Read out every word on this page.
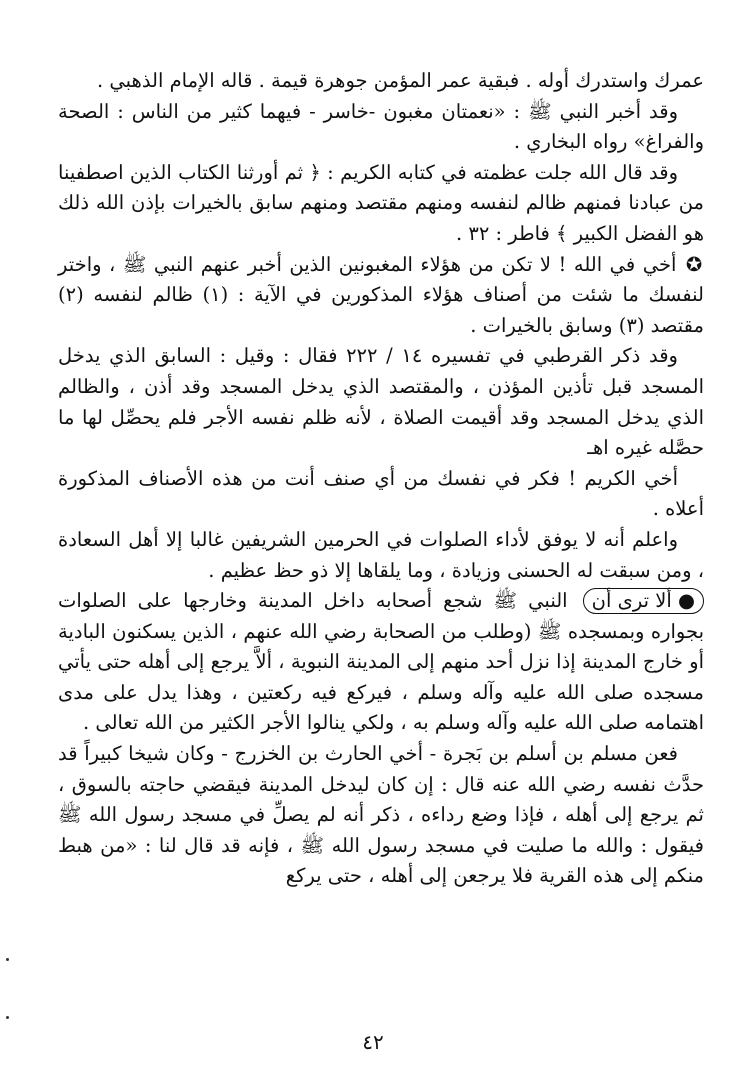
عمرك واستدرك أوله . فبقية عمر المؤمن جوهرة قيمة . قاله الإمام الذهبي .

وقد أخبر النبي ﷺ : «نعمتان مغبون -خاسر - فيهما كثير من الناس : الصحة والفراغ» رواه البخاري .

وقد قال الله جلت عظمته في كتابه الكريم : ﴿ ثم أورثنا الكتاب الذين اصطفينا من عبادنا فمنهم ظالم لنفسه ومنهم مقتصد ومنهم سابق بالخيرات بإذن الله ذلك هو الفضل الكبير ﴾ فاطر : ٣٢ .

✪ أخي في الله ! لا تكن من هؤلاء المغبونين الذين أخبر عنهم النبي ﷺ ، واختر لنفسك ما شئت من أصناف هؤلاء المذكورين في الآية : (١) ظالم لنفسه (٢) مقتصد (٣) وسابق بالخيرات .

وقد ذكر القرطبي في تفسيره ١٤ / ٢٢٢ فقال : وقيل : السابق الذي يدخل المسجد قبل تأذين المؤذن ، والمقتصد الذي يدخل المسجد وقد أذن ، والظالم الذي يدخل المسجد وقد أقيمت الصلاة ، لأنه ظلم نفسه الأجر فلم يحصِّل لها ما حصَّله غيره اهـ

أخي الكريم ! فكر في نفسك من أي صنف أنت من هذه الأصناف المذكورة أعلاه .

واعلم أنه لا يوفق لأداء الصلوات في الحرمين الشريفين غالبا إلا أهل السعادة ، ومن سبقت له الحسنى وزيادة ، وما يلقاها إلا ذو حظ عظيم .

● ألا ترى أن النبي ﷺ شجع أصحابه داخل المدينة وخارجها على الصلوات بجواره وبمسجده ﷺ (وطلب من الصحابة رضي الله عنهم ، الذين يسكنون البادية أو خارج المدينة إذا نزل أحد منهم إلى المدينة النبوية ، ألاَّ يرجع إلى أهله حتى يأتي مسجده صلى الله عليه وآله وسلم ، فيركع فيه ركعتين ، وهذا يدل على مدى اهتمامه صلى الله عليه وآله وسلم به ، ولكي ينالوا الأجر الكثير من الله تعالى .

فعن مسلم بن أسلم بن بَجرة - أخي الحارث بن الخزرج - وكان شيخا كبيراً قد حدَّث نفسه رضي الله عنه قال : إن كان ليدخل المدينة فيقضي حاجته بالسوق ، ثم يرجع إلى أهله ، فإذا وضع رداءه ، ذكر أنه لم يصلِّ في مسجد رسول الله ﷺ فيقول : والله ما صليت في مسجد رسول الله ﷺ ، فإنه قد قال لنا : «من هبط منكم إلى هذه القرية فلا يرجعن إلى أهله ، حتى يركع

٤٢
